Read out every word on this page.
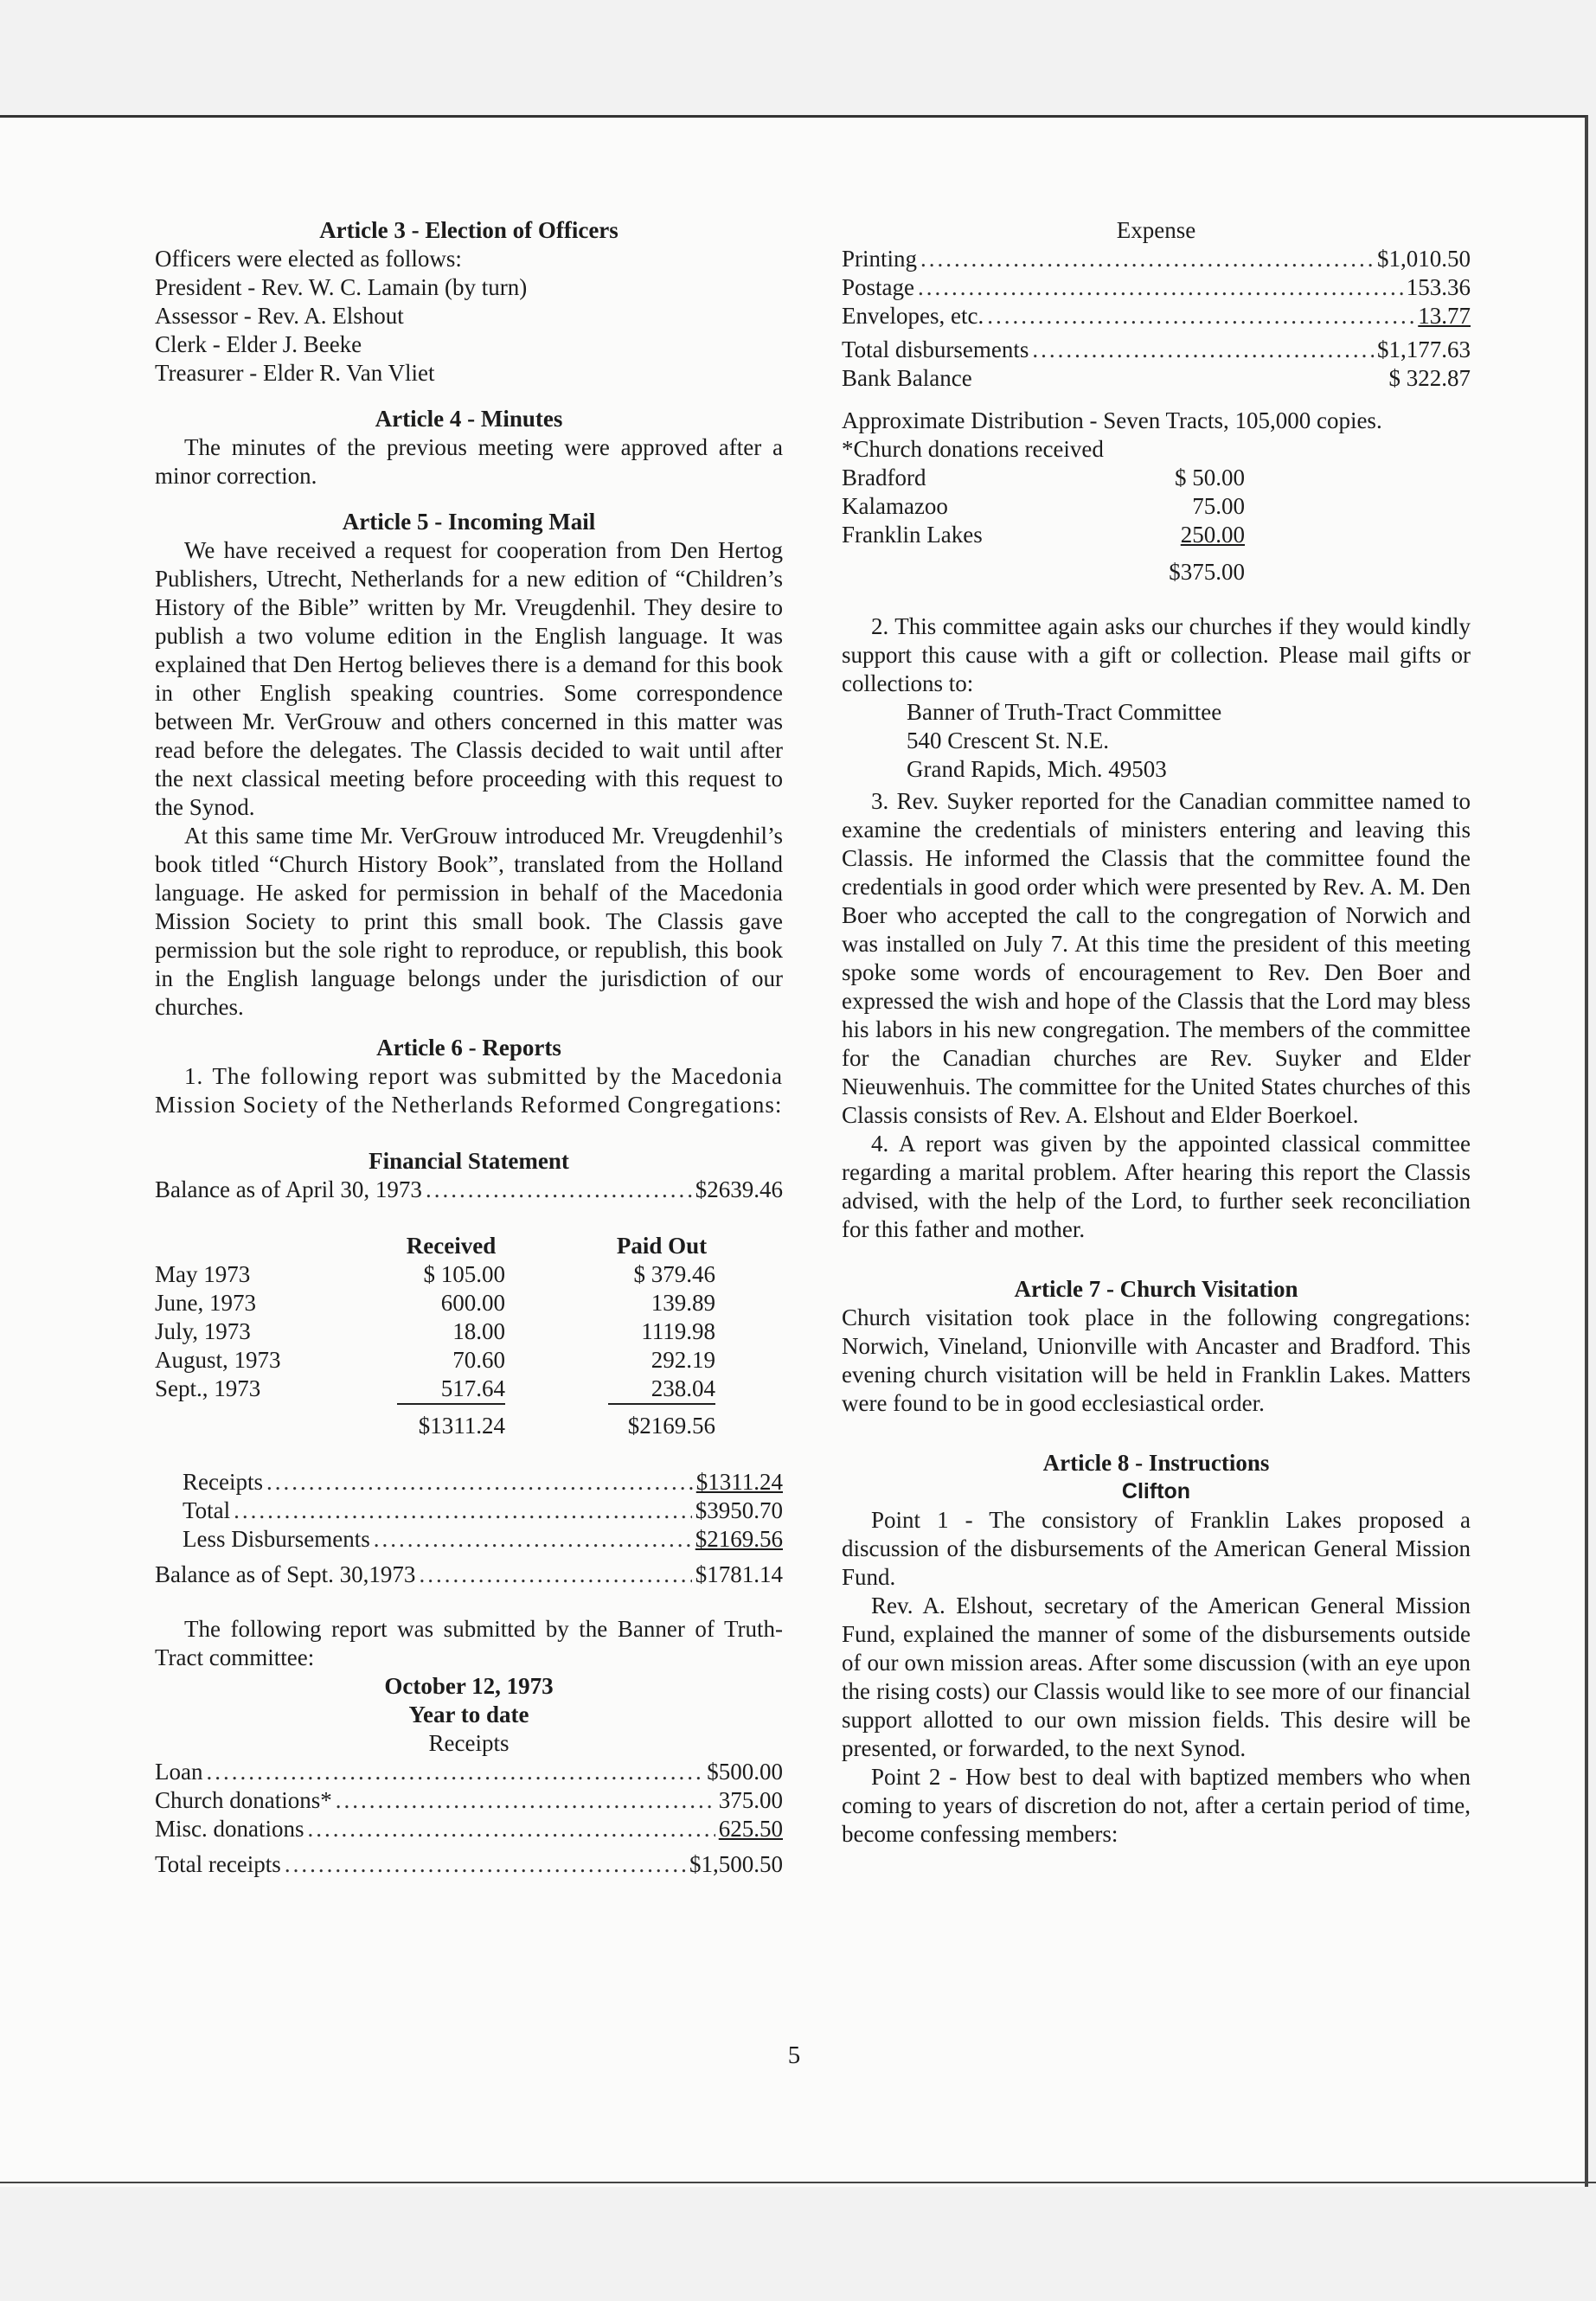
Article 3 - Election of Officers
Officers were elected as follows:
President - Rev. W. C. Lamain (by turn)
Assessor - Rev. A. Elshout
Clerk - Elder J. Beeke
Treasurer - Elder R. Van Vliet
Article 4 - Minutes

The minutes of the previous meeting were approved after a minor correction.

Article 5 - Incoming Mail

We have received a request for cooperation from Den Hertog Publishers, Utrecht, Netherlands for a new edition of “Children’s History of the Bible” written by Mr. Vreugdenhil. They desire to publish a two volume edition in the English language. It was explained that Den Hertog believes there is a demand for this book in other English speaking countries. Some correspondence between Mr. VerGrouw and others concerned in this matter was read before the delegates. The Classis decided to wait until after the next classical meeting before proceeding with this request to the Synod.

At this same time Mr. VerGrouw introduced Mr. Vreugdenhil’s book titled “Church History Book”, translated from the Holland language. He asked for permission in behalf of the Macedonia Mission Society to print this small book. The Classis gave permission but the sole right to reproduce, or republish, this book in the English language belongs under the jurisdiction of our churches.

Article 6 - Reports

1. The following report was submitted by the Macedonia Mission Society of the Netherlands Reformed Congregations:

Financial Statement
Balance as of April 30, 1973 .....	$2639.46
Received	Paid Out
May 1973	$ 105.00	$ 379.46
June, 1973	600.00	139.89
July, 1973	18.00	1119.98
August, 1973	70.60	292.19
Sept., 1973	517.64	238.04
$1311.24	$2169.56
Receipts .....	$1311.24
Total .....	$3950.70
Less Disbursements .....	$2169.56
Balance as of Sept. 30,1973 .....	$1781.14

The following report was submitted by the Banner of Truth-Tract committee:

October 12, 1973
Year to date
Receipts
Loan .....	$500.00
Church donations* .....	375.00
Misc. donations .....	625.50
Total receipts .....	$1,500.50
Expense
Printing .....	$1,010.50
Postage .....	153.36
Envelopes, etc. .....	13.77
Total disbursements .....	$1,177.63
Bank Balance	$ 322.87

Approximate Distribution - Seven Tracts, 105,000 copies.

*Church donations received
Bradford	$ 50.00
Kalamazoo	75.00
Franklin Lakes	250.00
$375.00

2. This committee again asks our churches if they would kindly support this cause with a gift or collection. Please mail gifts or collections to:

Banner of Truth-Tract Committee
540 Crescent St. N.E.
Grand Rapids, Mich. 49503

3. Rev. Suyker reported for the Canadian committee named to examine the credentials of ministers entering and leaving this Classis. He informed the Classis that the committee found the credentials in good order which were presented by Rev. A. M. Den Boer who accepted the call to the congregation of Norwich and was installed on July 7. At this time the president of this meeting spoke some words of encouragement to Rev. Den Boer and expressed the wish and hope of the Classis that the Lord may bless his labors in his new congregation. The members of the committee for the Canadian churches are Rev. Suyker and Elder Nieuwenhuis. The committee for the United States churches of this Classis consists of Rev. A. Elshout and Elder Boerkoel.

4. A report was given by the appointed classical committee regarding a marital problem. After hearing this report the Classis advised, with the help of the Lord, to further seek reconciliation for this father and mother.

Article 7 - Church Visitation

Church visitation took place in the following congregations: Norwich, Vineland, Unionville with Ancaster and Bradford. This evening church visitation will be held in Franklin Lakes. Matters were found to be in good ecclesiastical order.

Article 8 - Instructions
Clifton

Point 1 - The consistory of Franklin Lakes proposed a discussion of the disbursements of the American General Mission Fund.

Rev. A. Elshout, secretary of the American General Mission Fund, explained the manner of some of the disbursements outside of our own mission areas. After some discussion (with an eye upon the rising costs) our Classis would like to see more of our financial support allotted to our own mission fields. This desire will be presented, or forwarded, to the next Synod.

Point 2 - How best to deal with baptized members who when coming to years of discretion do not, after a certain period of time, become confessing members:

5
